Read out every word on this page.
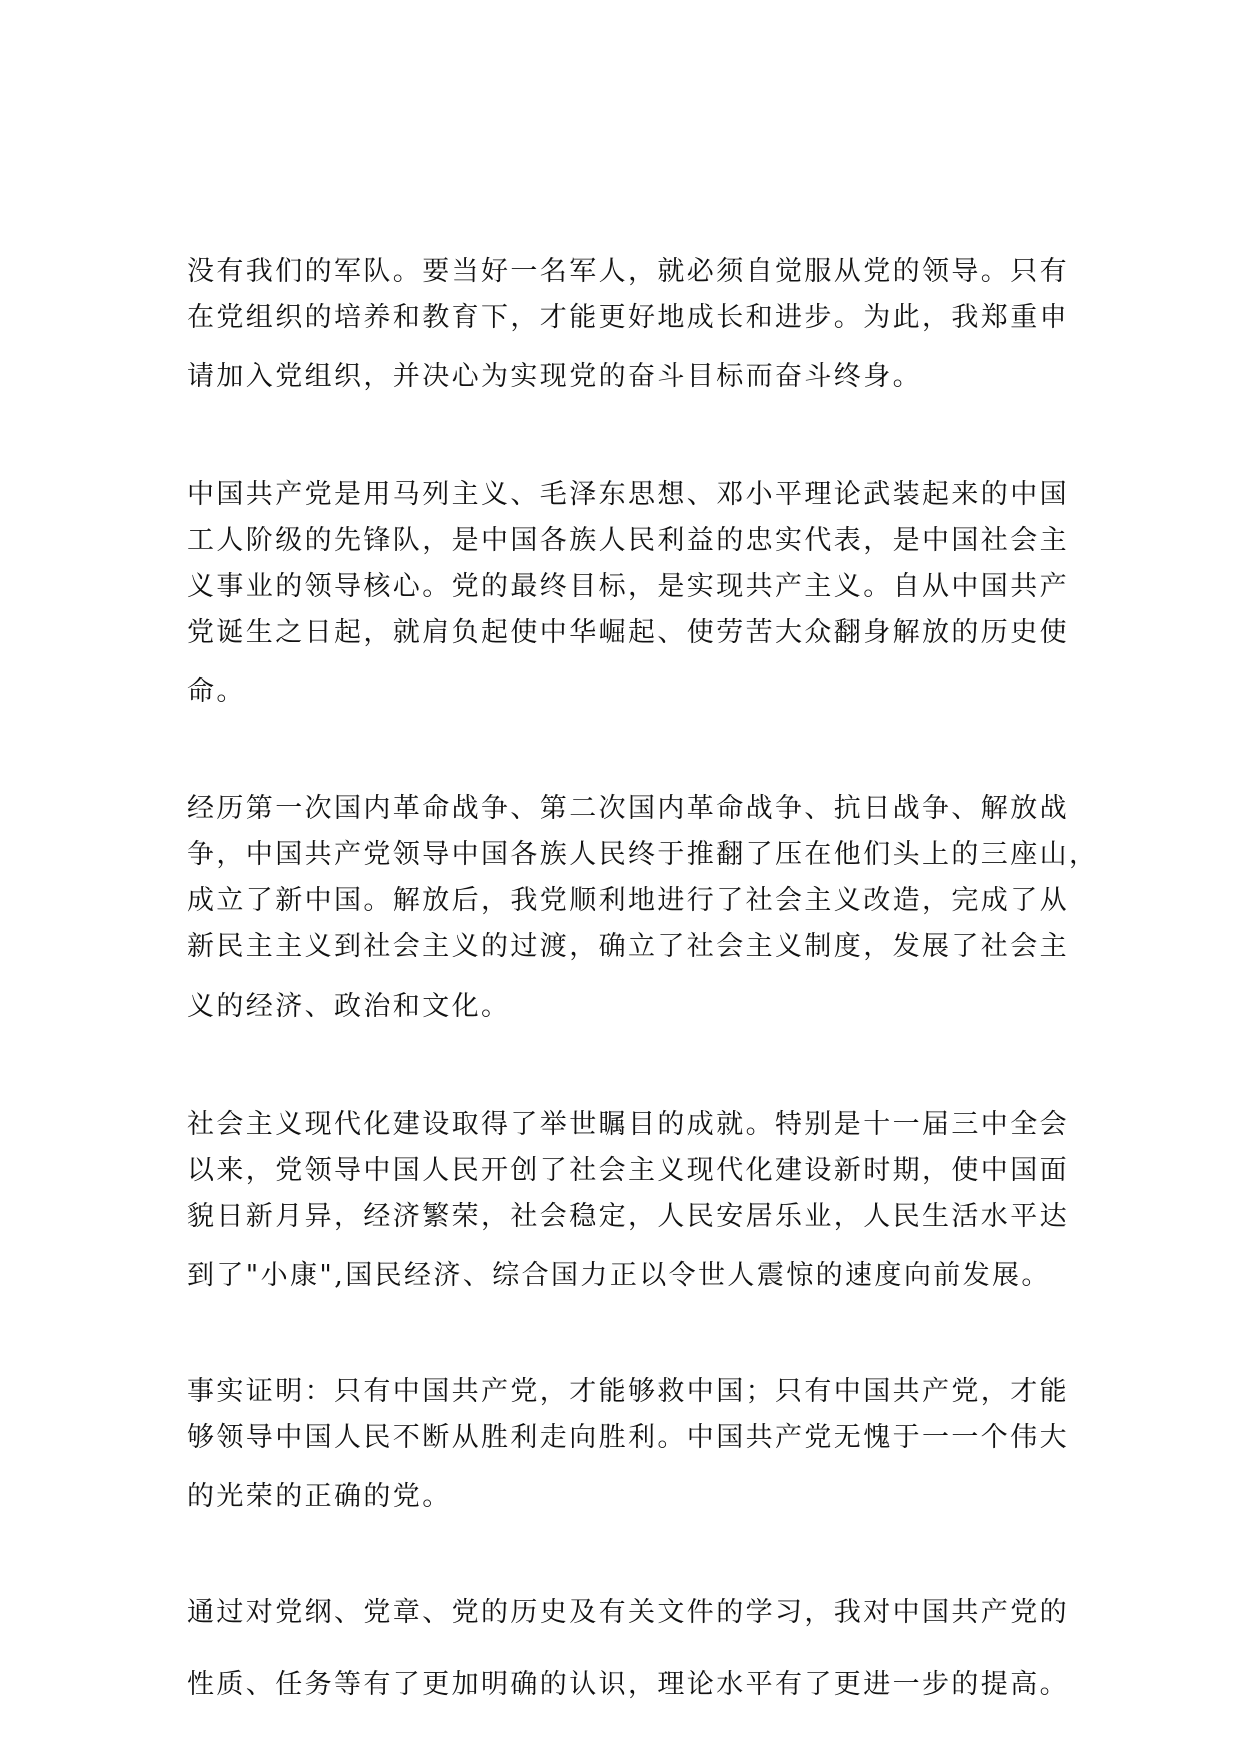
没有我们的军队。要当好一名军人，就必须自觉服从党的领导。只有
在党组织的培养和教育下，才能更好地成长和进步。为此，我郑重申
请加入党组织，并决心为实现党的奋斗目标而奋斗终身。
中国共产党是用马列主义、毛泽东思想、邓小平理论武装起来的中国
工人阶级的先锋队，是中国各族人民利益的忠实代表，是中国社会主
义事业的领导核心。党的最终目标，是实现共产主义。自从中国共产
党诞生之日起，就肩负起使中华崛起、使劳苦大众翻身解放的历史使
命。
经历第一次国内革命战争、第二次国内革命战争、抗日战争、解放战
争，中国共产党领导中国各族人民终于推翻了压在他们头上的三座山，
成立了新中国。解放后，我党顺利地进行了社会主义改造，完成了从
新民主主义到社会主义的过渡，确立了社会主义制度，发展了社会主
义的经济、政治和文化。
社会主义现代化建设取得了举世瞩目的成就。特别是十一届三中全会
以来，党领导中国人民开创了社会主义现代化建设新时期，使中国面
貌日新月异，经济繁荣，社会稳定，人民安居乐业，人民生活水平达
到了"小康",国民经济、综合国力正以令世人震惊的速度向前发展。
事实证明：只有中国共产党，才能够救中国；只有中国共产党，才能
够领导中国人民不断从胜利走向胜利。中国共产党无愧于一一个伟大
的光荣的正确的党。
通过对党纲、党章、党的历史及有关文件的学习，我对中国共产党的
性质、任务等有了更加明确的认识，理论水平有了更进一步的提高。
